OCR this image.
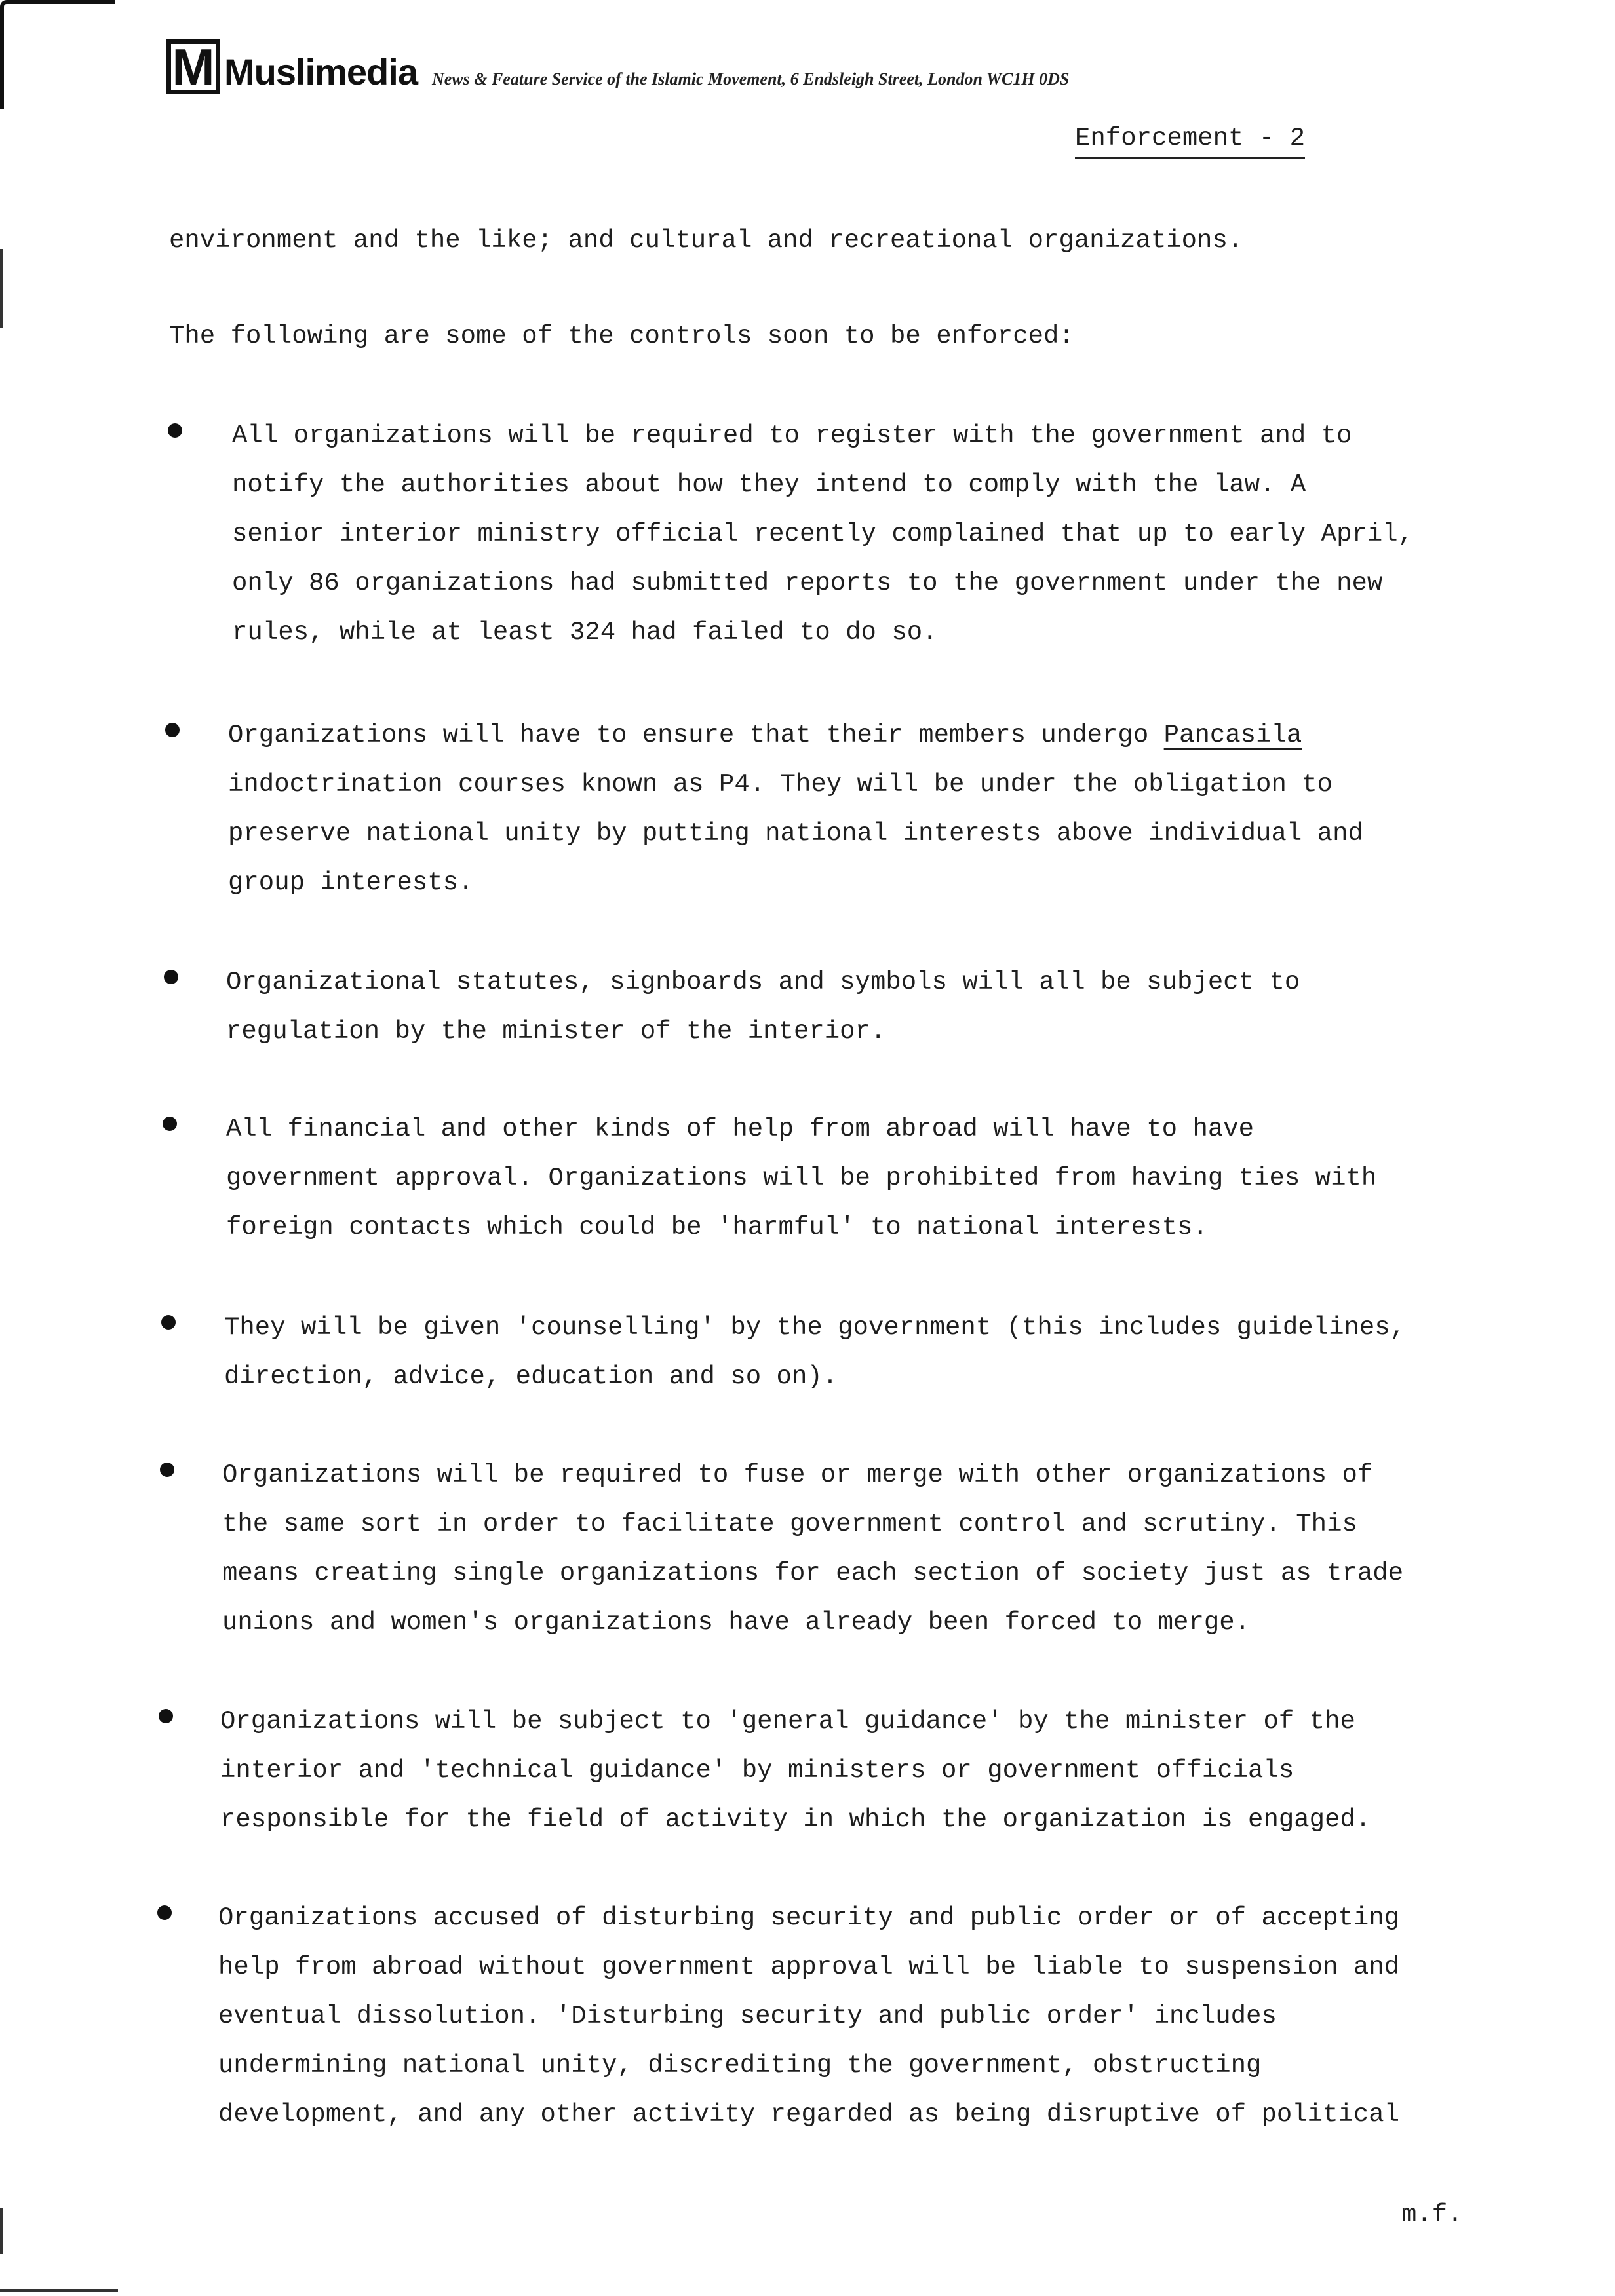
M Muslimedia News & Feature Service of the Islamic Movement, 6 Endsleigh Street, London WC1H 0DS
Enforcement - 2

environment and the like; and cultural and recreational organizations.

The following are some of the controls soon to be enforced:

All organizations will be required to register with the government and to
notify the authorities about how they intend to comply with the law. A
senior interior ministry official recently complained that up to early April,
only 86 organizations had submitted reports to the government under the new
rules, while at least 324 had failed to do so.
Organizations will have to ensure that their members undergo Pancasila
indoctrination courses known as P4. They will be under the obligation to
preserve national unity by putting national interests above individual and
group interests.
Organizational statutes, signboards and symbols will all be subject to
regulation by the minister of the interior.
All financial and other kinds of help from abroad will have to have
government approval. Organizations will be prohibited from having ties with
foreign contacts which could be 'harmful' to national interests.
They will be given 'counselling' by the government (this includes guidelines,
direction, advice, education and so on).
Organizations will be required to fuse or merge with other organizations of
the same sort in order to facilitate government control and scrutiny. This
means creating single organizations for each section of society just as trade
unions and women's organizations have already been forced to merge.
Organizations will be subject to 'general guidance' by the minister of the
interior and 'technical guidance' by ministers or government officials
responsible for the field of activity in which the organization is engaged.
Organizations accused of disturbing security and public order or of accepting
help from abroad without government approval will be liable to suspension and
eventual dissolution. 'Disturbing security and public order' includes
undermining national unity, discrediting the government, obstructing
development, and any other activity regarded as being disruptive of political
m.f.
